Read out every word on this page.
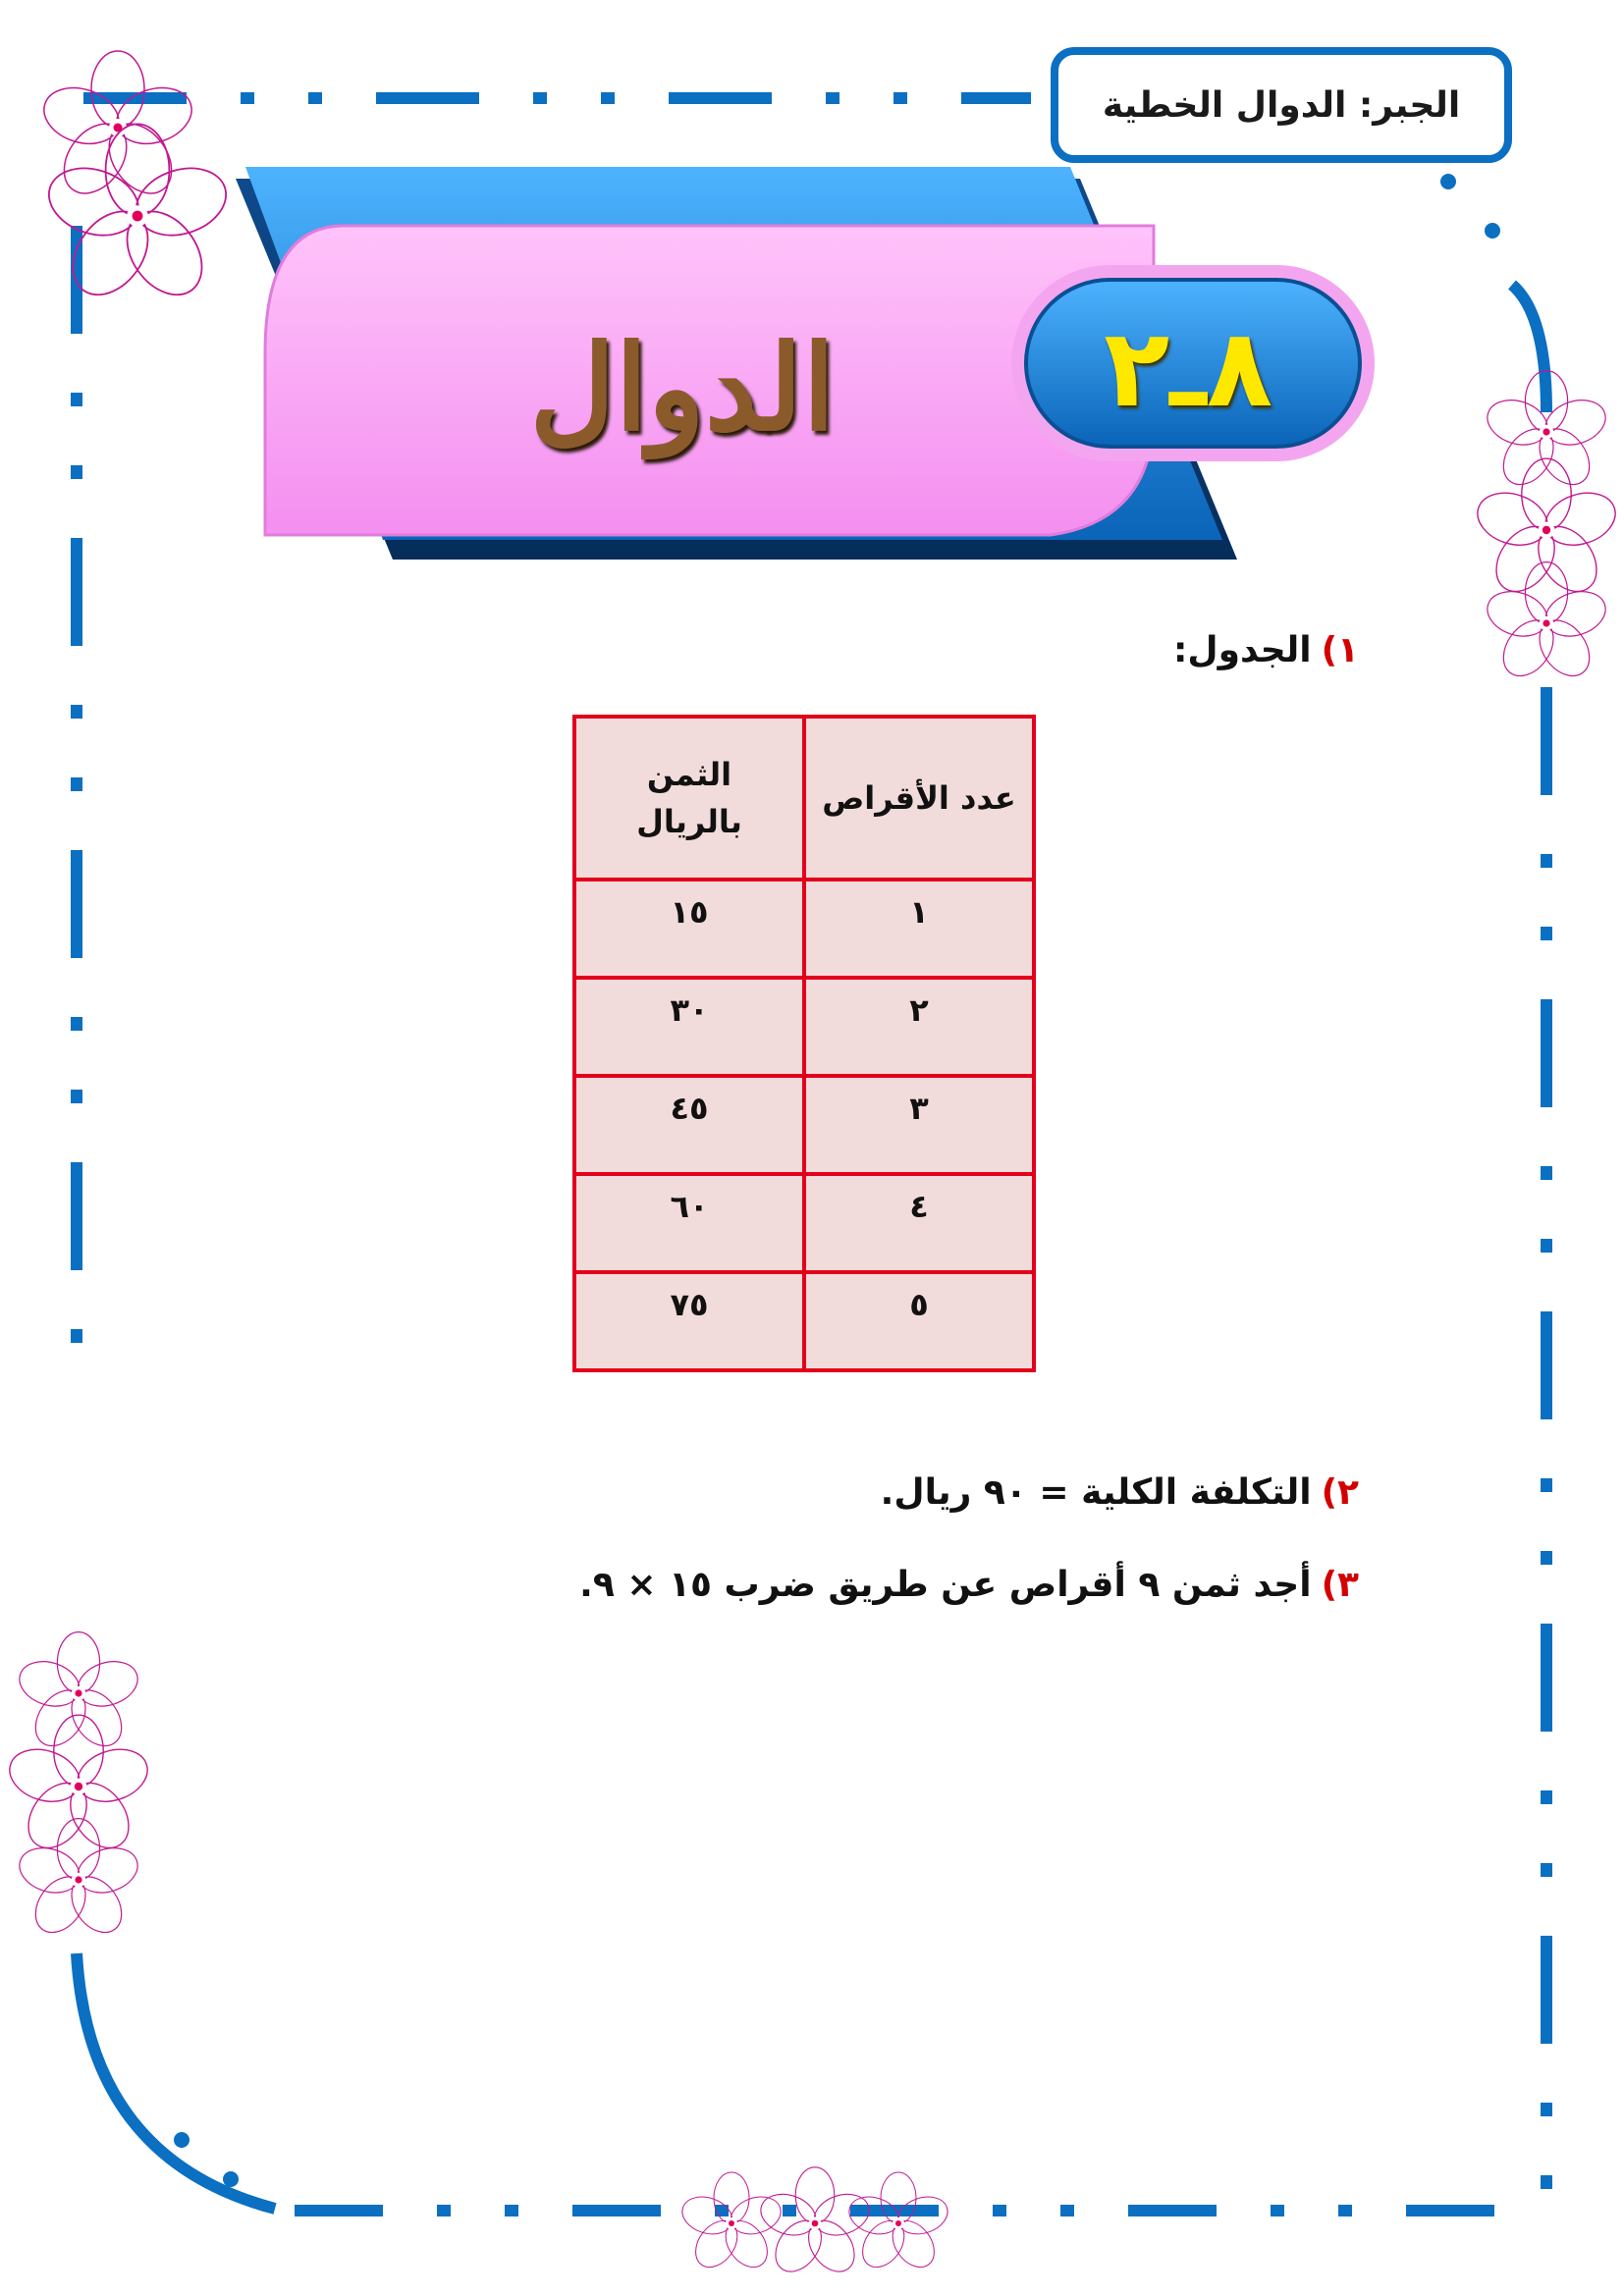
الجبر: الدوال الخطية
الدوال	٨ـ٢
١)الجدول:
عدد الأقراص	الثمن بالريال
١	١٥
٢	٣٠
٣	٤٥
٤	٦٠
٥	٧٥
٢)التكلفة الكلية = ٩٠ ريال.
٣)أجد ثمن ٩ أقراص عن طريق ضرب ١٥ × ٩.
